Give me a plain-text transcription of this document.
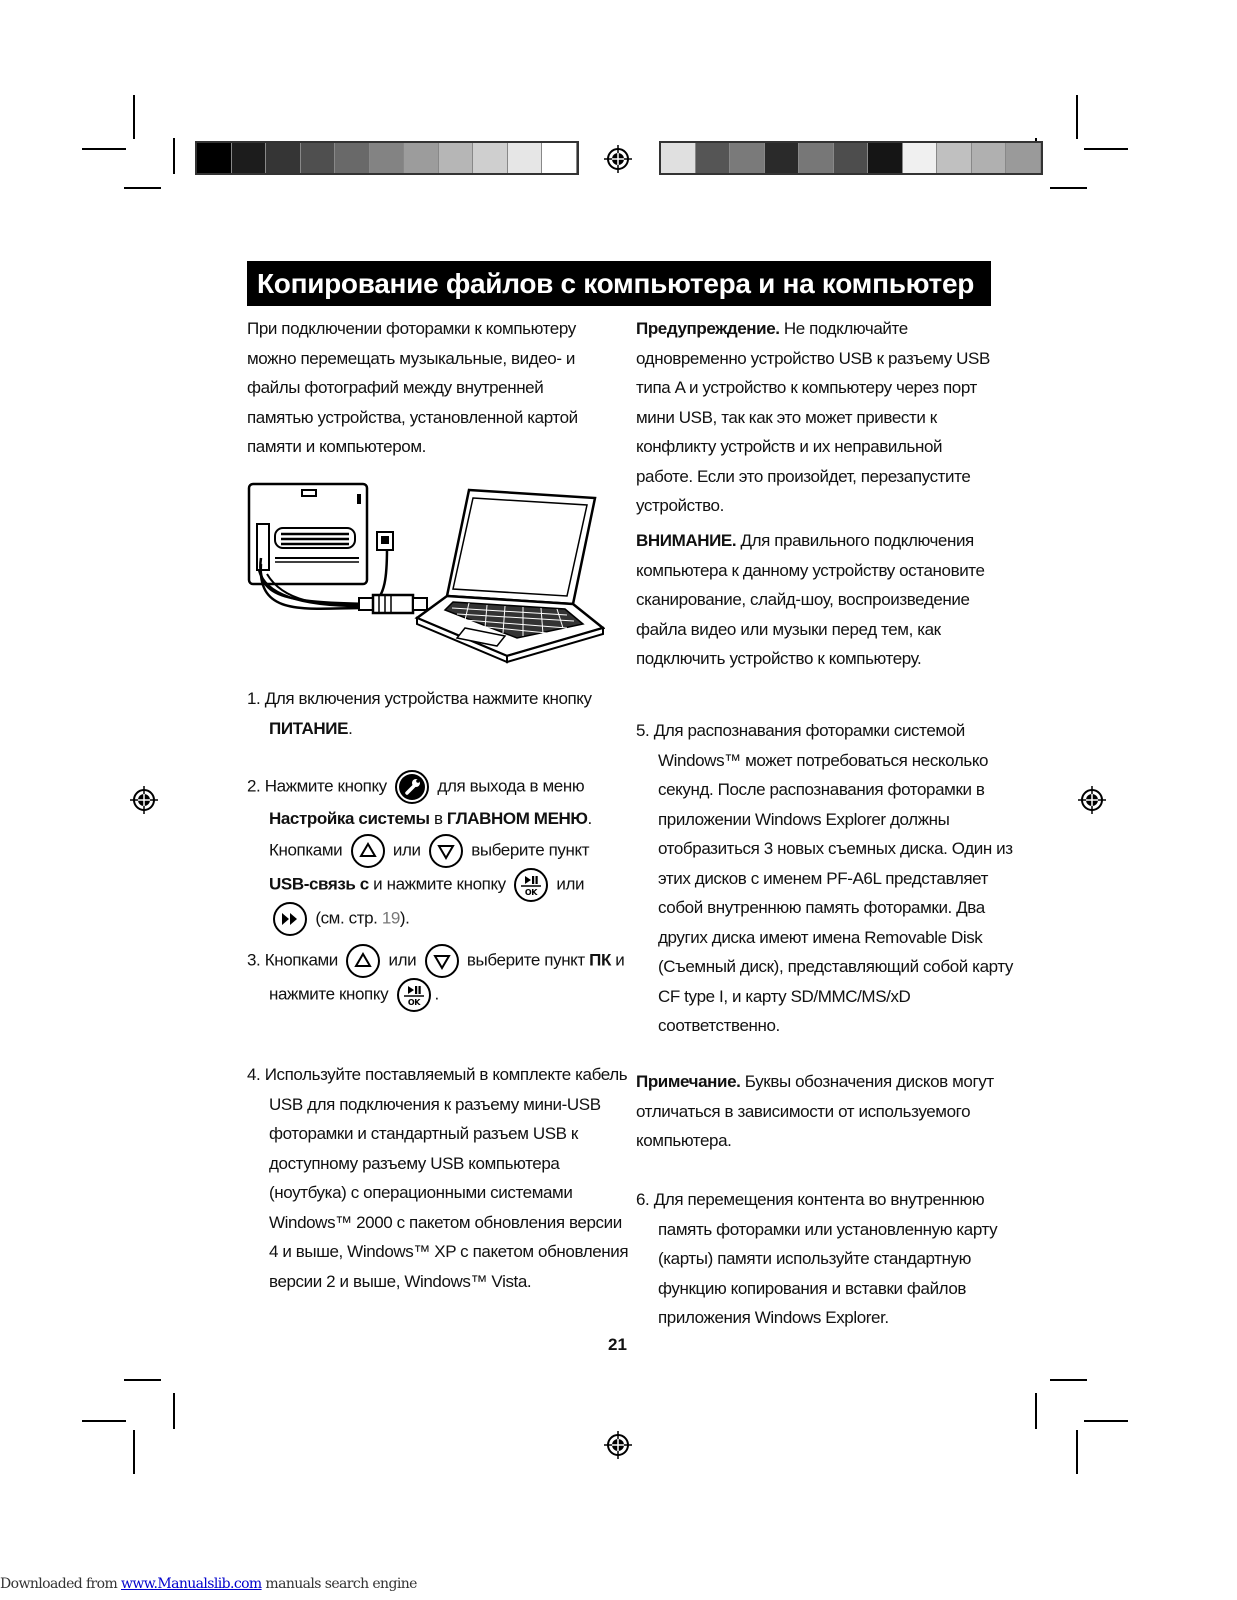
Копирование файлов с компьютера и на компьютер
При подключении фоторамки к компьютеру можно перемещать музыкальные, видео- и файлы фотографий между внутренней памятью устройства, установленной картой памяти и компьютером.
1. Для включения устройства нажмите кнопку ПИТАНИЕ.
2. Нажмите кнопку
для выхода в меню Настройка системы в ГЛАВНОМ МЕНЮ. Кнопками
или
выберите пункт USB-связь с и нажмите кнопку OK или
(см. стр. 19).
3. Кнопками
или
выберите пункт ПК и нажмите кнопку OK .
4. Используйте поставляемый в комплекте кабель USB для подключения к разъему мини-USB фоторамки и стандартный разъем USB к доступному разъему USB компьютера (ноутбука) с операционными системами Windows™ 2000 с пакетом обновления версии 4 и выше, Windows™ XP с пакетом обновления версии 2 и выше, Windows™ Vista.
Предупреждение. Не подключайте одновременно устройство USB к разъему USB типа A и устройство к компьютеру через порт мини USB, так как это может привести к конфликту устройств и их неправильной работе. Если это произойдет, перезапустите устройство.
ВНИМАНИЕ. Для правильного подключения компьютера к данному устройству остановите сканирование, слайд-шоу, воспроизведение файла видео или музыки перед тем, как подключить устройство к компьютеру.
5. Для распознавания фоторамки системой Windows™ может потребоваться несколько секунд. После распознавания фоторамки в приложении Windows Explorer должны отобразиться 3 новых съемных диска. Один из этих дисков с именем PF-A6L представляет собой внутреннюю память фоторамки. Два других диска имеют имена Removable Disk (Съемный диск), представляющий собой карту CF type I, и карту SD/MMC/MS/xD соответственно.
Примечание. Буквы обозначения дисков могут отличаться в зависимости от используемого компьютера.
6. Для перемещения контента во внутреннюю память фоторамки или установленную карту (карты) памяти используйте стандартную функцию копирования и вставки файлов приложения Windows Explorer.
21
Downloaded from www.Manualslib.com manuals search engine
